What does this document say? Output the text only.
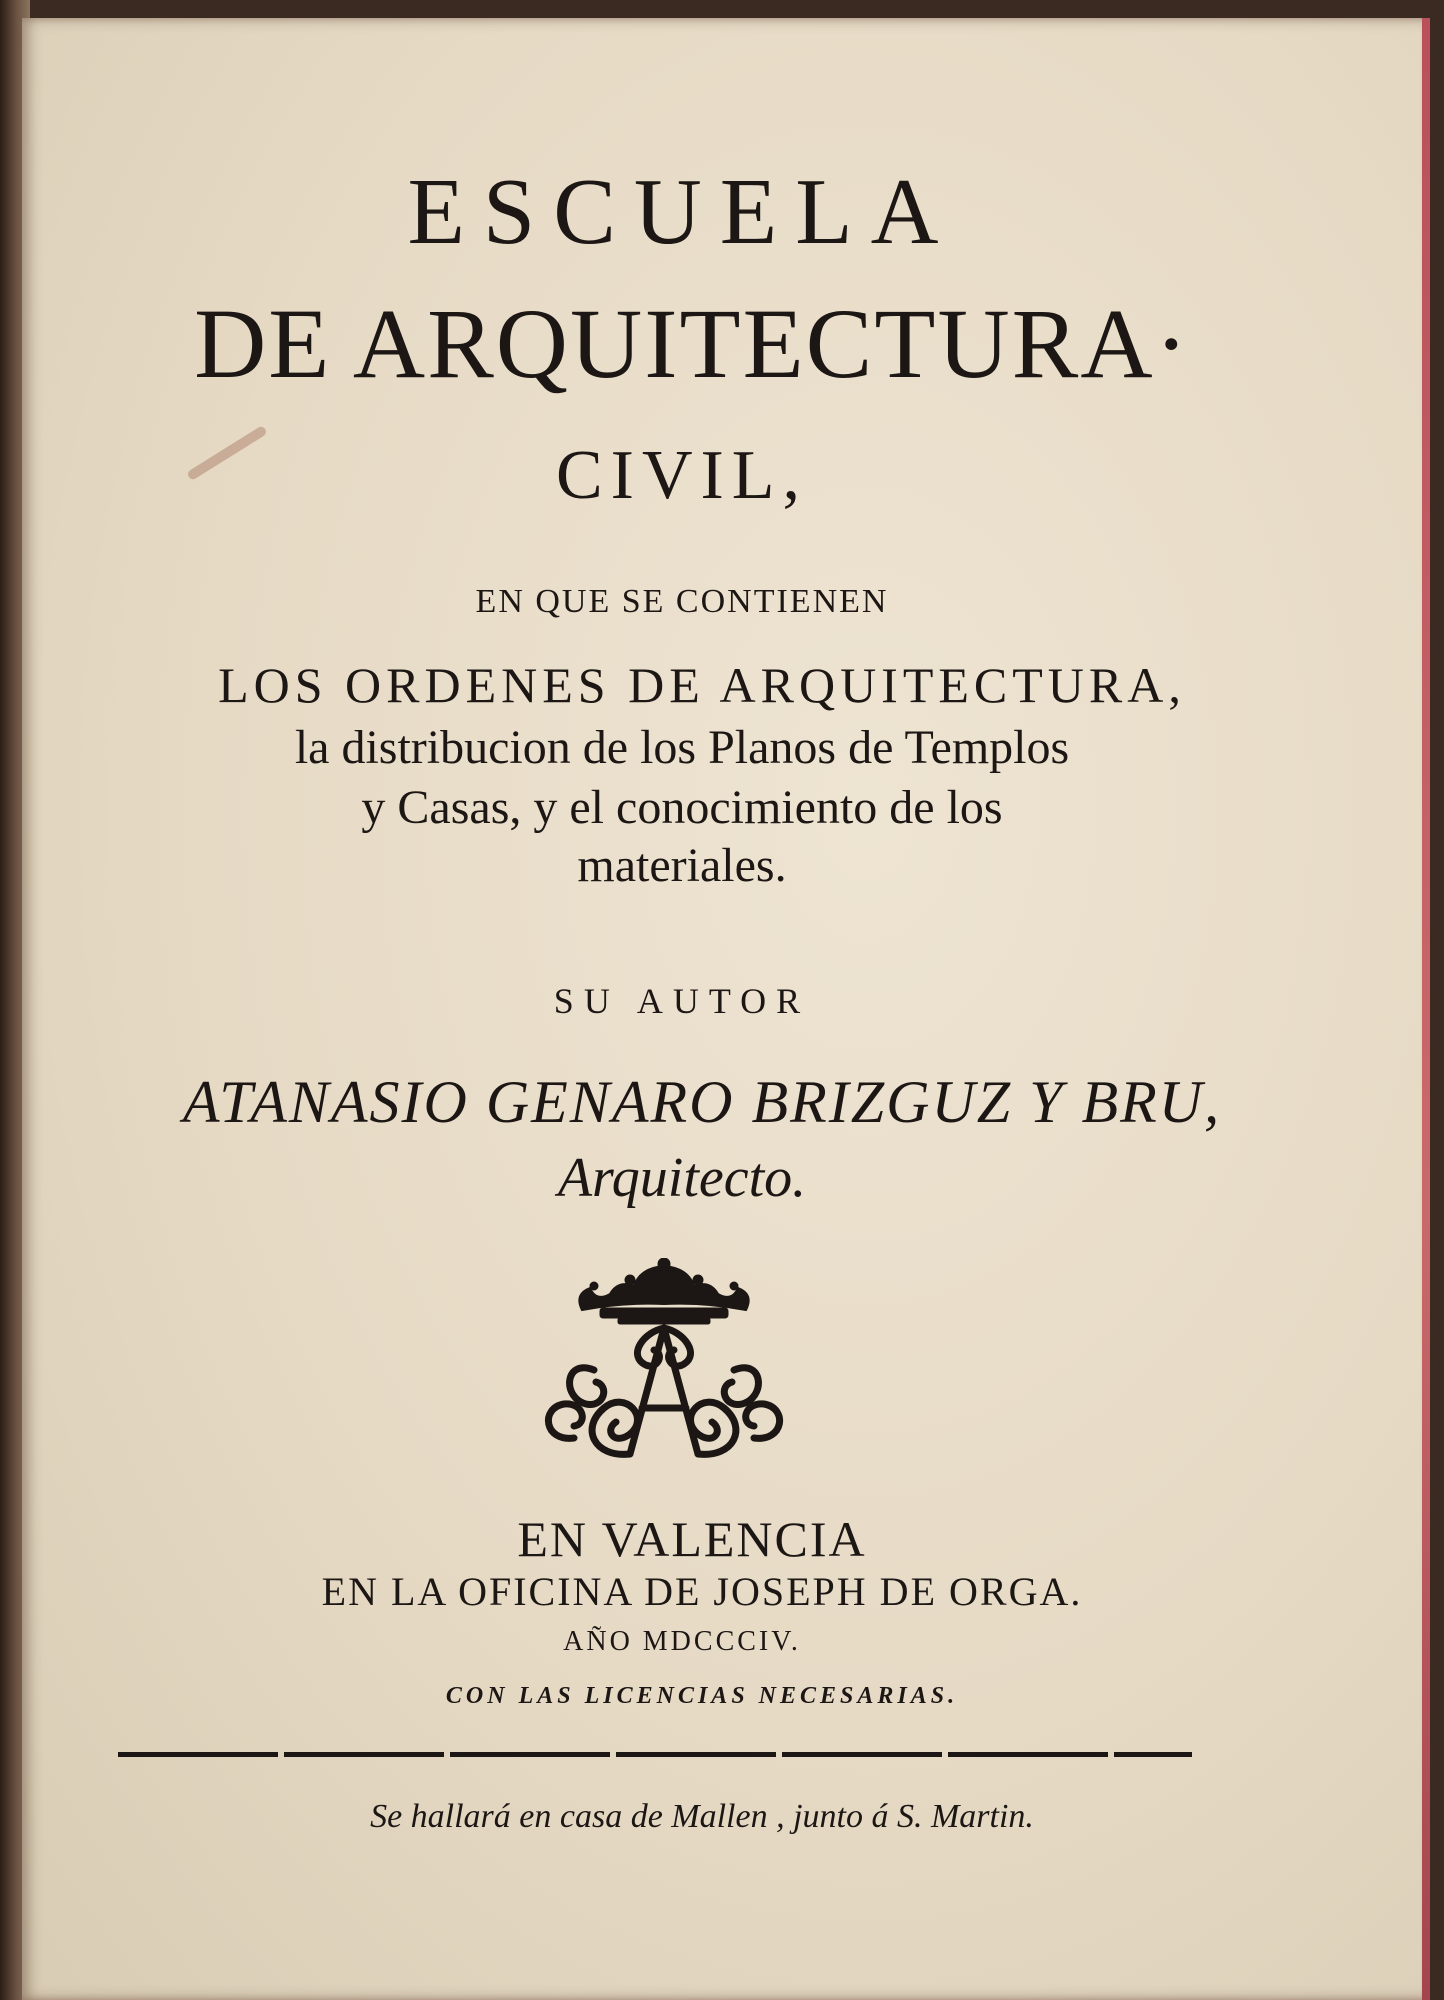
ESCUELA
DE ARQUITECTURA·
CIVIL,
EN QUE SE CONTIENEN
LOS ORDENES DE ARQUITECTURA,
la distribucion de los Planos de Templos
y Casas, y el conocimiento de los
materiales.
SU AUTOR
ATANASIO GENARO BRIZGUZ Y BRU,
Arquitecto.
EN VALENCIA
EN LA OFICINA DE JOSEPH DE ORGA.
AÑO MDCCCIV.
CON LAS LICENCIAS NECESARIAS.
Se hallará en casa de Mallen , junto á S. Martin.
